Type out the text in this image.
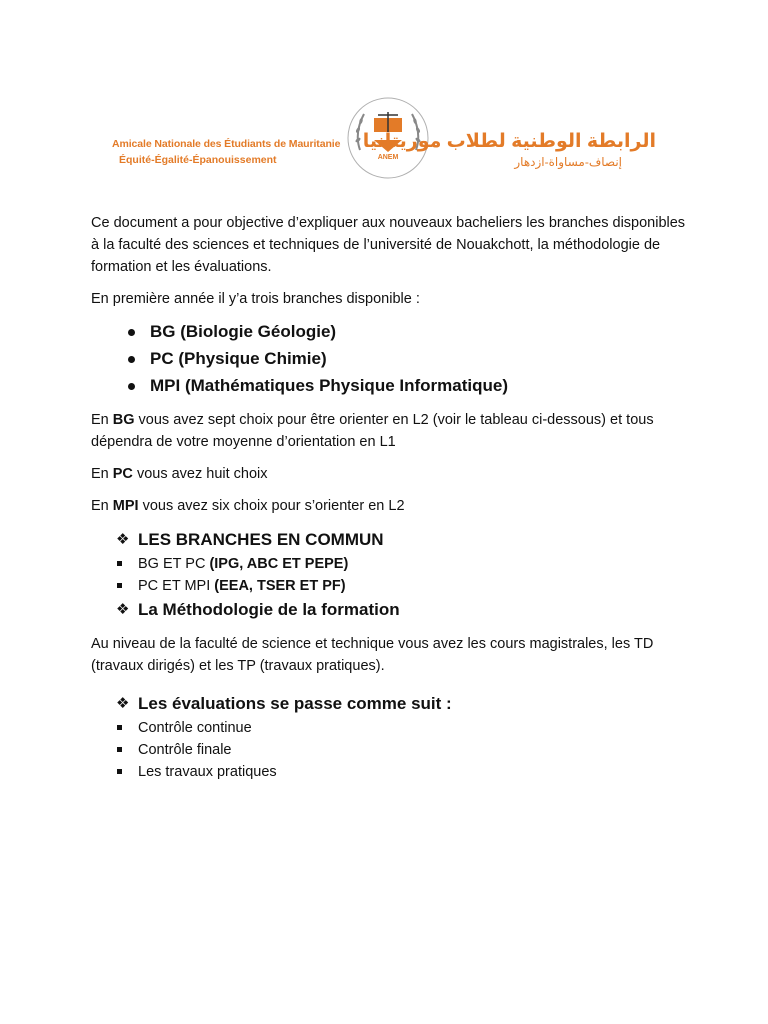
Amicale Nationale des Étudiants de Mauritanie
Équité-Égalité-Épanouissement	ANEM
الرابطة الوطنية لطلاب موريتانيا
إنصاف-مساواة-ازدهار

Ce document a pour objective d’expliquer aux nouveaux bacheliers les branches disponibles à la faculté des sciences et techniques de l’université de Nouakchott, la méthodologie de formation et les évaluations.

En première année il y’a trois branches disponible :

BG (Biologie Géologie)
PC (Physique Chimie)
MPI (Mathématiques Physique Informatique)

En BG vous avez sept choix pour être orienter en L2 (voir le tableau ci-dessous) et tous dépendra de votre moyenne d’orientation en L1

En PC vous avez huit choix

En MPI vous avez six choix pour s’orienter en L2

❖ LES BRANCHES EN COMMUN
BG ET PC (IPG, ABC ET PEPE)
PC ET MPI (EEA, TSER ET PF)
❖ La Méthodologie de la formation

Au niveau de la faculté de science et technique vous avez les cours magistrales, les TD (travaux dirigés) et les TP (travaux pratiques).

❖ Les évaluations se passe comme suit :
Contrôle continue
Contrôle finale
Les travaux pratiques
